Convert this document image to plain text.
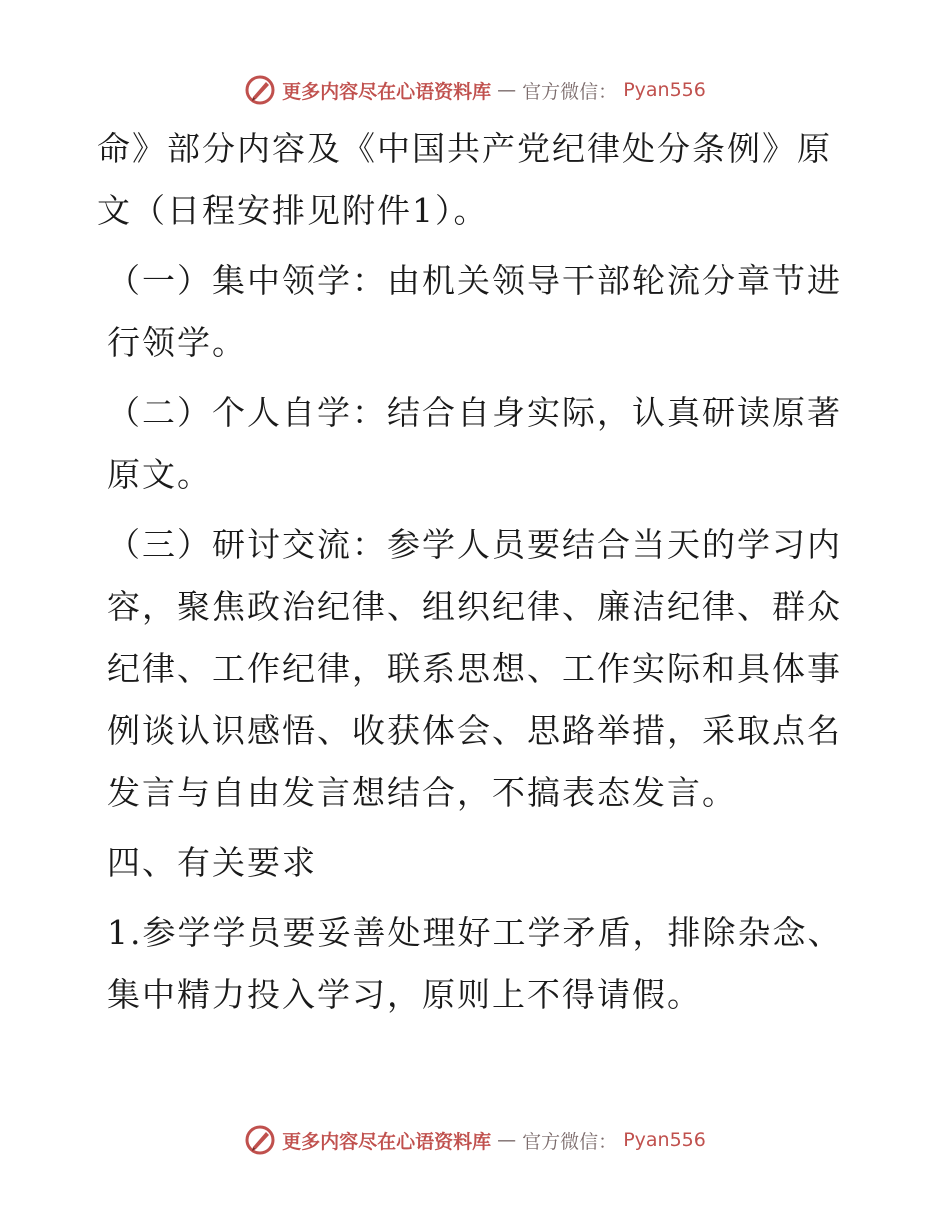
更多内容尽在心语资料库 — 官方微信： Pyan556

命》部分内容及《中国共产党纪律处分条例》原文（日程安排见附件1）。

（一）集中领学：由机关领导干部轮流分章节进行领学。

（二）个人自学：结合自身实际，认真研读原著原文。

（三）研讨交流：参学人员要结合当天的学习内容，聚焦政治纪律、组织纪律、廉洁纪律、群众纪律、工作纪律，联系思想、工作实际和具体事例谈认识感悟、收获体会、思路举措，采取点名发言与自由发言想结合，不搞表态发言。

四、有关要求

1.参学学员要妥善处理好工学矛盾，排除杂念、集中精力投入学习，原则上不得请假。

更多内容尽在心语资料库 — 官方微信： Pyan556
